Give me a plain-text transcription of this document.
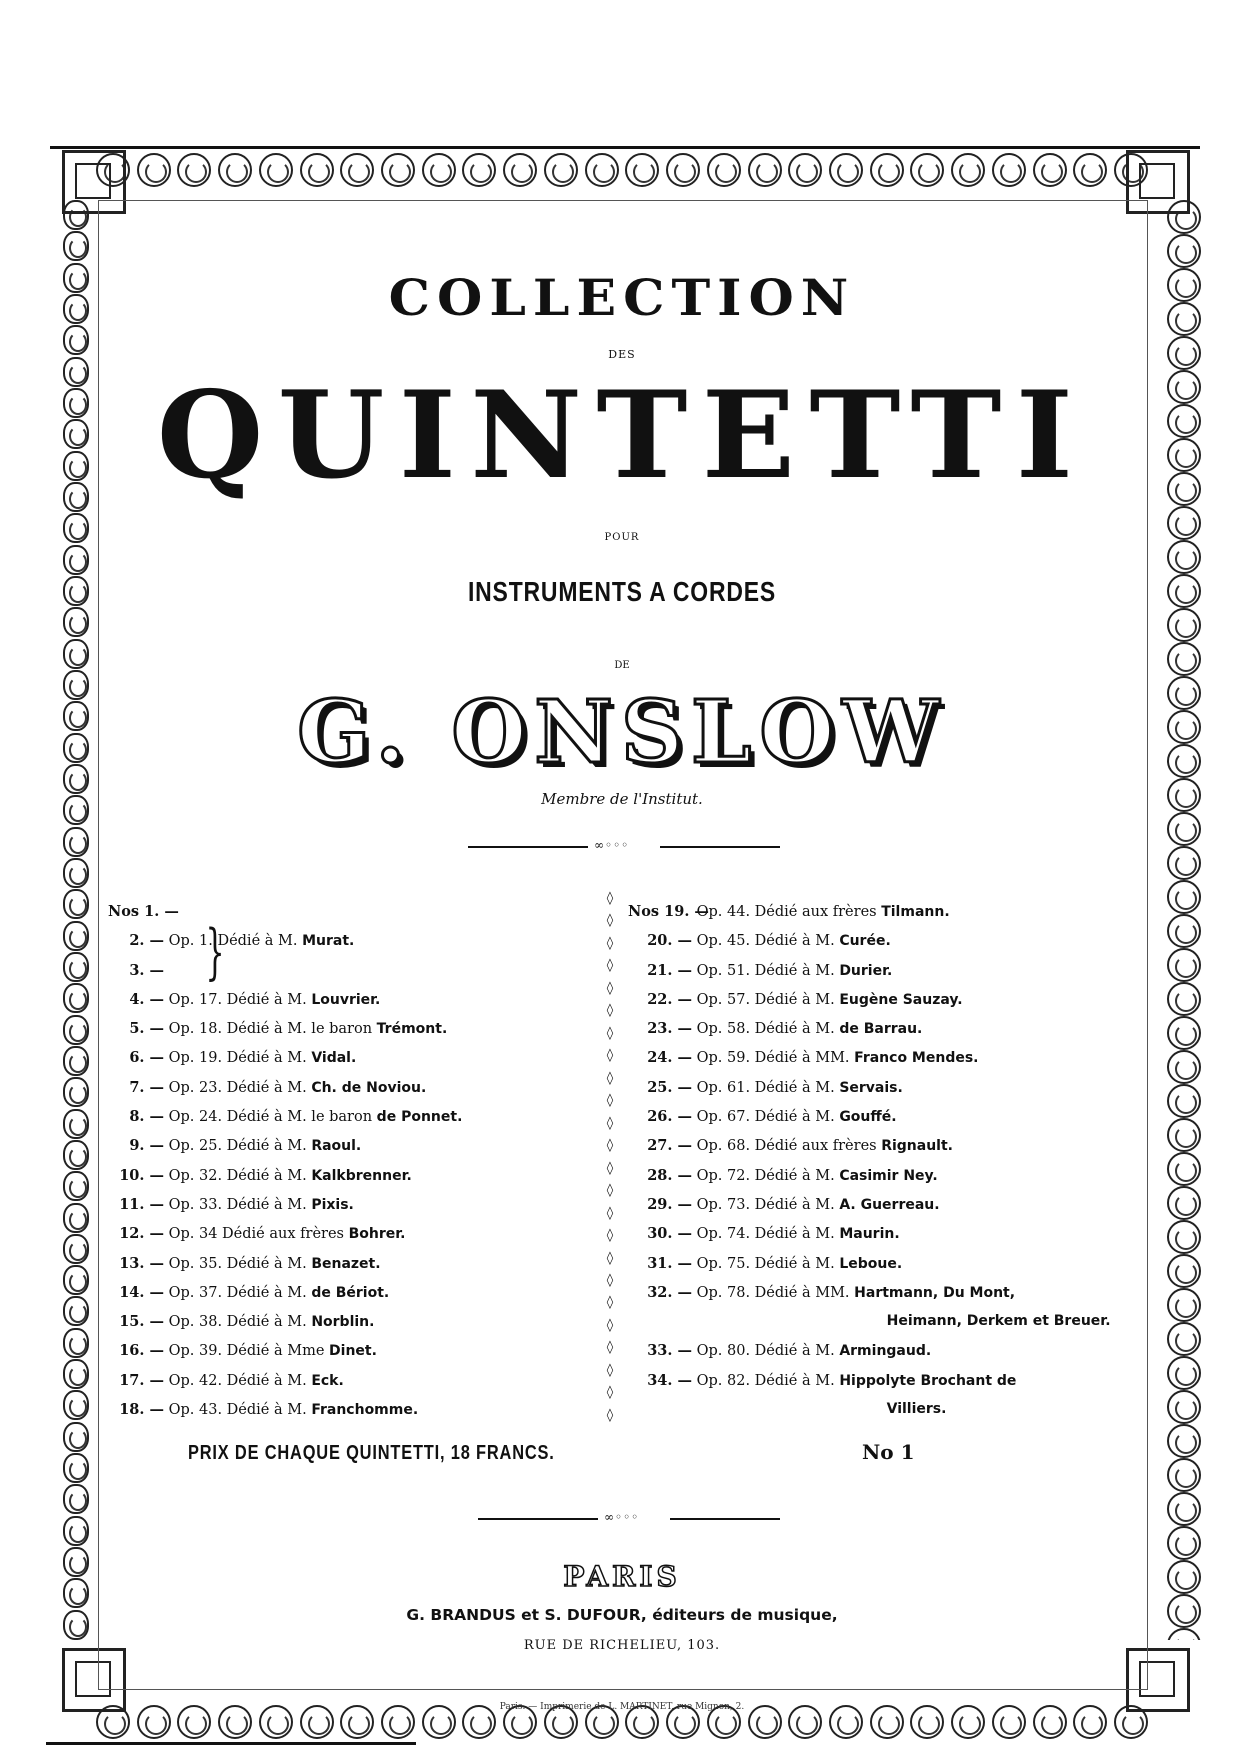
COLLECTION
DES
QUINTETTI
POUR
INSTRUMENTS A CORDES
DE
G. ONSLOW
Membre de l'Institut.
∞◦◦◦
Nos 1. —
2. — Op. 1. Dédié à M. Murat.
3. —
4. — Op. 17. Dédié à M. Louvrier.
5. — Op. 18. Dédié à M. le baron Trémont.
6. — Op. 19. Dédié à M. Vidal.
7. — Op. 23. Dédié à M. Ch. de Noviou.
8. — Op. 24. Dédié à M. le baron de Ponnet.
9. — Op. 25. Dédié à M. Raoul.
10. — Op. 32. Dédié à M. Kalkbrenner.
11. — Op. 33. Dédié à M. Pixis.
12. — Op. 34 Dédié aux frères Bohrer.
13. — Op. 35. Dédié à M. Benazet.
14. — Op. 37. Dédié à M. de Bériot.
15. — Op. 38. Dédié à M. Norblin.
16. — Op. 39. Dédié à Mme Dinet.
17. — Op. 42. Dédié à M. Eck.
18. — Op. 43. Dédié à M. Franchomme.
}
◊
◊
◊
◊
◊
◊
◊
◊
◊
◊
◊
◊
◊
◊
◊
◊
◊
◊
◊
◊
◊
◊
◊
◊
Nos 19. — Op. 44. Dédié aux frères Tilmann.
20. — Op. 45. Dédié à M. Curée.
21. — Op. 51. Dédié à M. Durier.
22. — Op. 57. Dédié à M. Eugène Sauzay.
23. — Op. 58. Dédié à M. de Barrau.
24. — Op. 59. Dédié à MM. Franco Mendes.
25. — Op. 61. Dédié à M. Servais.
26. — Op. 67. Dédié à M. Gouffé.
27. — Op. 68. Dédié aux frères Rignault.
28. — Op. 72. Dédié à M. Casimir Ney.
29. — Op. 73. Dédié à M. A. Guerreau.
30. — Op. 74. Dédié à M. Maurin.
31. — Op. 75. Dédié à M. Leboue.
32. — Op. 78. Dédié à MM. Hartmann, Du Mont,
Heimann, Derkem et Breuer.
33. — Op. 80. Dédié à M. Armingaud.
34. — Op. 82. Dédié à M. Hippolyte Brochant de
Villiers.
PRIX DE CHAQUE QUINTETTI, 18 FRANCS.	No 1
∞◦◦◦
PARIS
G. BRANDUS et S. DUFOUR, éditeurs de musique,
RUE DE RICHELIEU, 103.
Paris. — Imprimerie de L. MARTINET, rue Mignon, 2.
